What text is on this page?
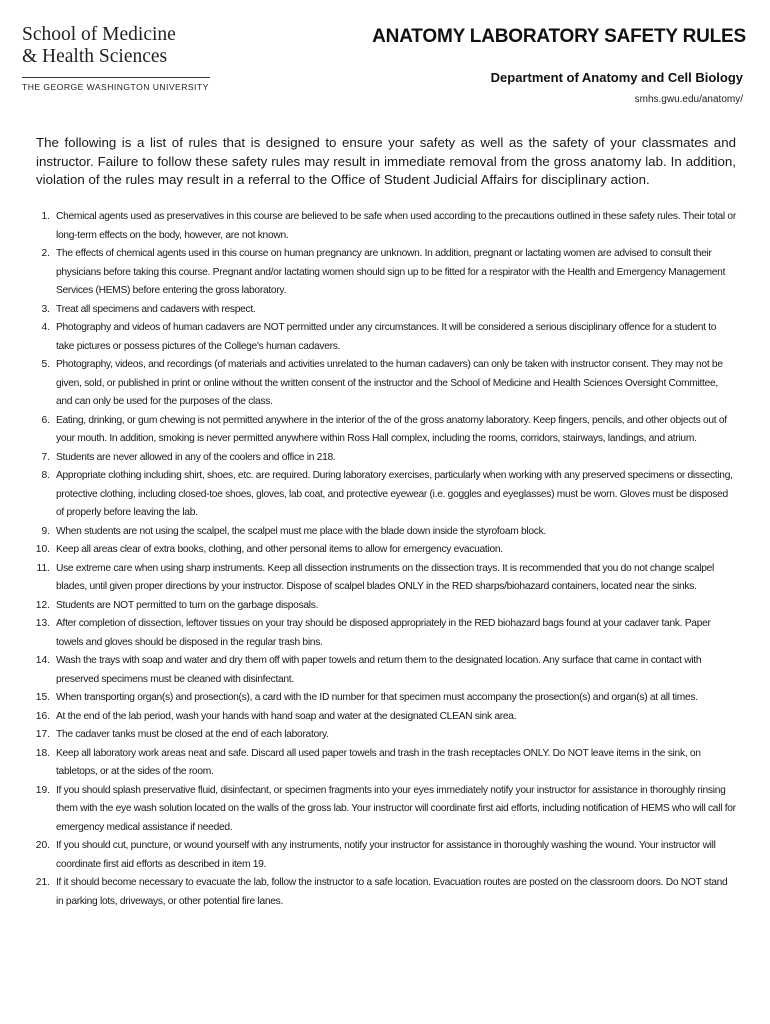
School of Medicine
& Health Sciences
THE GEORGE WASHINGTON UNIVERSITY
ANATOMY LABORATORY SAFETY RULES
Department of Anatomy and Cell Biology
smhs.gwu.edu/anatomy/

The following is a list of rules that is designed to ensure your safety as well as the safety of your classmates and instructor. Failure to follow these safety rules may result in immediate removal from the gross anatomy lab. In addition, violation of the rules may result in a referral to the Office of Student Judicial Affairs for disciplinary action.

1. Chemical agents used as preservatives in this course are believed to be safe when used according to the precautions outlined in these safety rules. Their total or long-term effects on the body, however, are not known.
2. The effects of chemical agents used in this course on human pregnancy are unknown. In addition, pregnant or lactating women are advised to consult their physicians before taking this course. Pregnant and/or lactating women should sign up to be fitted for a respirator with the Health and Emergency Management Services (HEMS) before entering the gross laboratory.
3. Treat all specimens and cadavers with respect.
4. Photography and videos of human cadavers are NOT permitted under any circumstances. It will be considered a serious disciplinary offence for a student to take pictures or possess pictures of the College's human cadavers.
5. Photography, videos, and recordings (of materials and activities unrelated to the human cadavers) can only be taken with instructor consent. They may not be given, sold, or published in print or online without the written consent of the instructor and the School of Medicine and Health Sciences Oversight Committee, and can only be used for the purposes of the class.
6. Eating, drinking, or gum chewing is not permitted anywhere in the interior of the of the gross anatomy laboratory. Keep fingers, pencils, and other objects out of your mouth. In addition, smoking is never permitted anywhere within Ross Hall complex, including the rooms, corridors, stairways, landings, and atrium.
7. Students are never allowed in any of the coolers and office in 218.
8. Appropriate clothing including shirt, shoes, etc. are required. During laboratory exercises, particularly when working with any preserved specimens or dissecting, protective clothing, including closed-toe shoes, gloves, lab coat, and protective eyewear (i.e. goggles and eyeglasses) must be worn. Gloves must be disposed of properly before leaving the lab.
9. When students are not using the scalpel, the scalpel must me place with the blade down inside the styrofoam block.
10. Keep all areas clear of extra books, clothing, and other personal items to allow for emergency evacuation.
11. Use extreme care when using sharp instruments. Keep all dissection instruments on the dissection trays. It is recommended that you do not change scalpel blades, until given proper directions by your instructor. Dispose of scalpel blades ONLY in the RED sharps/biohazard containers, located near the sinks.
12. Students are NOT permitted to turn on the garbage disposals.
13. After completion of dissection, leftover tissues on your tray should be disposed appropriately in the RED biohazard bags found at your cadaver tank. Paper towels and gloves should be disposed in the regular trash bins.
14. Wash the trays with soap and water and dry them off with paper towels and return them to the designated location. Any surface that came in contact with preserved specimens must be cleaned with disinfectant.
15. When transporting organ(s) and prosection(s), a card with the ID number for that specimen must accompany the prosection(s) and organ(s) at all times.
16. At the end of the lab period, wash your hands with hand soap and water at the designated CLEAN sink area.
17. The cadaver tanks must be closed at the end of each laboratory.
18. Keep all laboratory work areas neat and safe. Discard all used paper towels and trash in the trash receptacles ONLY. Do NOT leave items in the sink, on tabletops, or at the sides of the room.
19. If you should splash preservative fluid, disinfectant, or specimen fragments into your eyes immediately notify your instructor for assistance in thoroughly rinsing them with the eye wash solution located on the walls of the gross lab. Your instructor will coordinate first aid efforts, including notification of HEMS who will call for emergency medical assistance if needed.
20. If you should cut, puncture, or wound yourself with any instruments, notify your instructor for assistance in thoroughly washing the wound. Your instructor will coordinate first aid efforts as described in item 19.
21. If it should become necessary to evacuate the lab, follow the instructor to a safe location. Evacuation routes are posted on the classroom doors. Do NOT stand in parking lots, driveways, or other potential fire lanes.
